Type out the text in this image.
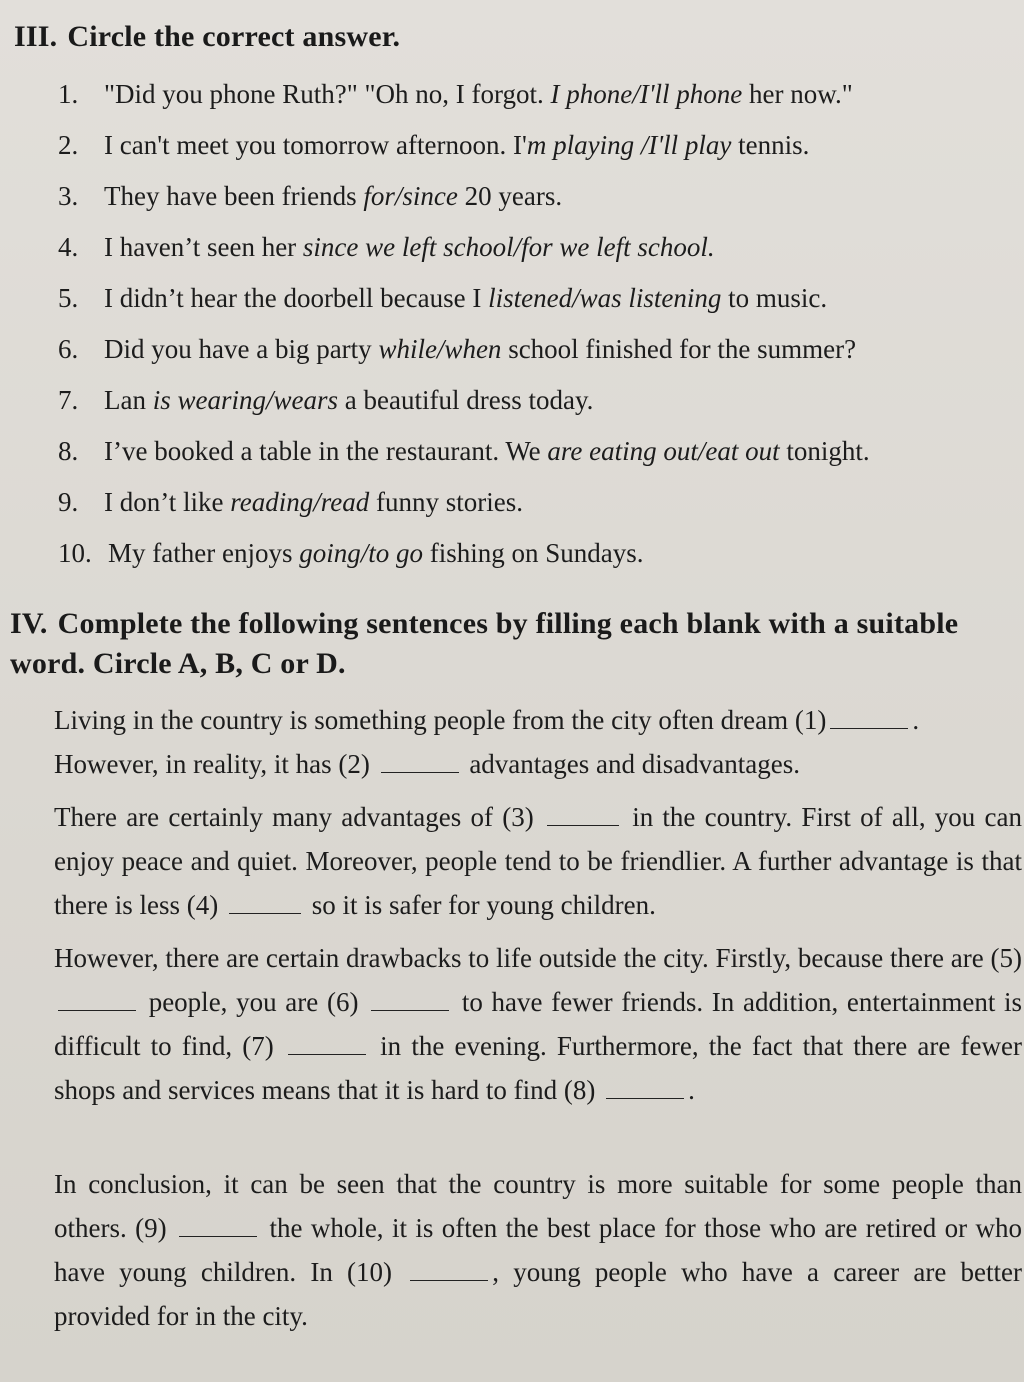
III. Circle the correct answer.
1. "Did you phone Ruth?" "Oh no, I forgot. I phone/I'll phone her now."
2. I can't meet you tomorrow afternoon. I'm playing /I'll play tennis.
3. They have been friends for/since 20 years.
4. I haven’t seen her since we left school/for we left school.
5. I didn’t hear the doorbell because I listened/was listening to music.
6. Did you have a big party while/when school finished for the summer?
7. Lan is wearing/wears a beautiful dress today.
8. I’ve booked a table in the restaurant. We are eating out/eat out tonight.
9. I don’t like reading/read funny stories.
10. My father enjoys going/to go fishing on Sundays.
IV. Complete the following sentences by filling each blank with a suitable word. Circle A, B, C or D.
Living in the country is something people from the city often dream (1)	.
However, in reality, it has (2)	advantages and disadvantages.
There are certainly many advantages of (3)	in the country. First of all, you can enjoy peace and quiet. Moreover, people tend to be friendlier. A further advantage is that there is less (4)	so it is safer for young children.
However, there are certain drawbacks to life outside the city. Firstly, because there are (5)  people, you are (6)	to have fewer friends. In addition, entertainment is difficult to find, (7)	in the evening. Furthermore, the fact that there are fewer shops and services means that it is hard to find (8)	.
In conclusion, it can be seen that the country is more suitable for some people than others. (9)	the whole, it is often the best place for those who are retired or who have young children. In (10)	, young people who have a career are better provided for in the city.
